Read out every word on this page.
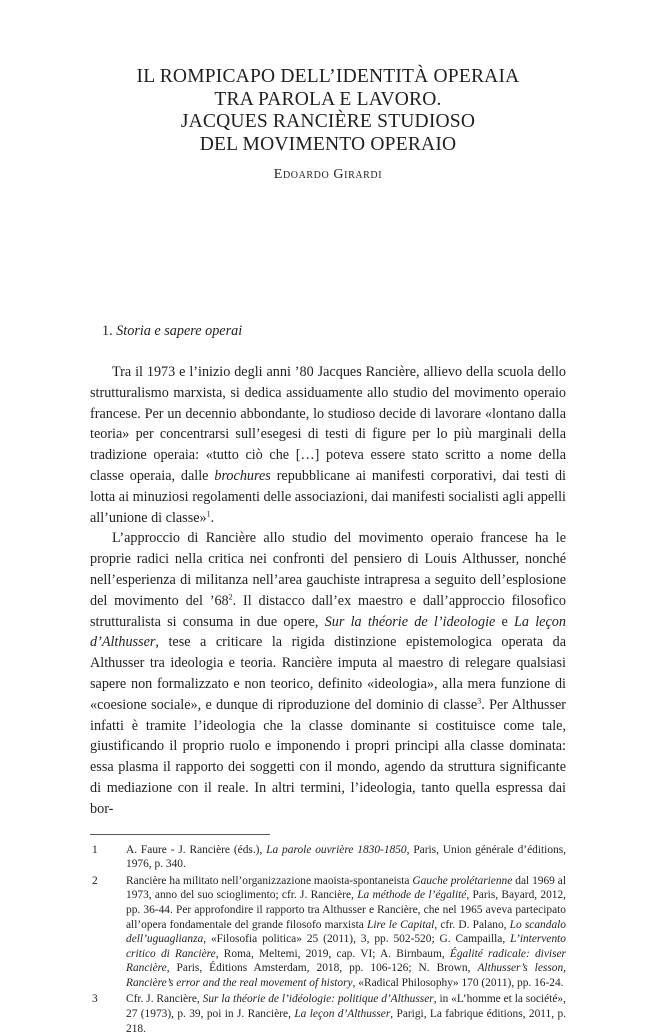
IL ROMPICAPO DELL’IDENTITÀ OPERAIA
TRA PAROLA E LAVORO.
JACQUES RANCIÈRE STUDIOSO
DEL MOVIMENTO OPERAIO
Edoardo Girardi
1. Storia e sapere operai

Tra il 1973 e l’inizio degli anni ’80 Jacques Rancière, allievo della scuola dello strutturalismo marxista, si dedica assiduamente allo studio del movimento operaio francese. Per un decennio abbondante, lo studioso decide di lavorare «lontano dalla teoria» per concentrarsi sull’esegesi di testi di figure per lo più marginali della tradizione operaia: «tutto ciò che […] poteva essere stato scritto a nome della classe operaia, dalle brochures repubblicane ai manifesti corporativi, dai testi di lotta ai minuziosi regolamenti delle associazioni, dai manifesti socialisti agli appelli all’unione di classe»$^1$.

L’approccio di Rancière allo studio del movimento operaio francese ha le proprie radici nella critica nei confronti del pensiero di Louis Althusser, nonché nell’esperienza di militanza nell’area gauchiste intrapresa a seguito dell’esplosione del movimento del $’68^2$. Il distacco dall’ex maestro e dall’approccio filosofico strutturalista si consuma in due opere, Sur la théorie de l’ideologie e La leçon d’Althusser, tese a criticare la rigida distinzione epistemologica operata da Althusser tra ideologia e teoria. Rancière imputa al maestro di relegare qualsiasi sapere non formalizzato e non teorico, definito «ideologia», alla mera funzione di «coesione sociale», e dunque di riproduzione del dominio di classe$^3$. Per Althusser infatti è tramite l’ideologia che la classe dominante si costituisce come tale, giustificando il proprio ruolo e imponendo i propri principi alla classe dominata: essa plasma il rapporto dei soggetti con il mondo, agendo da struttura significante di mediazione con il reale. In altri termini, l’ideologia, tanto quella espressa dai bor-

1	A. Faure - J. Rancière (éds.), La parole ouvrière 1830-1850, Paris, Union générale d’éditions, 1976, p. 340.
2	Rancière ha militato nell’organizzazione maoista-spontaneista Gauche prolétarienne dal 1969 al 1973, anno del suo scioglimento; cfr. J. Rancière, La méthode de l’égalité, Paris, Bayard, 2012, pp. 36-44. Per approfondire il rapporto tra Althusser e Rancière, che nel 1965 aveva partecipato all’opera fondamentale del grande filosofo marxista Lire le Capital, cfr. D. Palano, Lo scandalo dell’uguaglianza, «Filosofia politica» 25 (2011), 3, pp. 502-520; G. Campailla, L’intervento critico di Rancière, Roma, Meltemi, 2019, cap. VI; A. Birnbaum, Égalité radicale: diviser Rancière, Paris, Éditions Amsterdam, 2018, pp. 106-126; N. Brown, Althusser’s lesson, Rancière’s error and the real movement of history, «Radical Philosophy» 170 (2011), pp. 16-24.
3	Cfr. J. Rancière, Sur la théorie de l’idéologie: politique d’Althusser, in «L’homme et la société», 27 (1973), p. 39, poi in J. Rancière, La leçon d’Althusser, Parigi, La fabrique éditions, 2011, p. 218.
